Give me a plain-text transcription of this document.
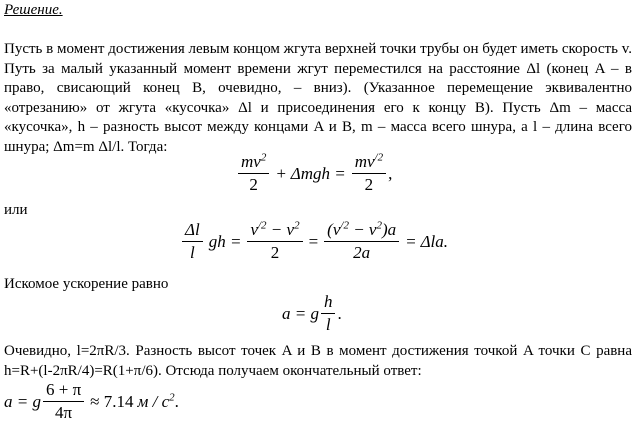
Решение.
Пусть в момент достижения левым концом жгута верхней точки трубы он будет иметь скорость v. Путь за малый указанный момент времени жгут переместился на расстояние Δl (конец A – в право, свисающий конец B, очевидно, – вниз). (Указанное перемещение эквивалентно «отрезанию» от жгута «кусочка» Δl и присоединения его к концу B). Пусть Δm – масса «кусочка», h – разность высот между концами A и B, m – масса всего шнура, а l – длина всего шнура; Δm=m Δl/l. Тогда:
$\frac{mv^2}{2} + \Delta mgh = \frac{mv^{/2}}{2}$ ,
или
$\frac{\Delta l}{l}$ gh = $\frac{v^{/2} - v^2}{2} = \frac{(v^{/2} - v^2)a}{2a} = \Delta la$.
Искомое ускорение равно
a = g $\frac{h}{l}$ .
Очевидно, l=2πR/3. Разность высот точек A и B в момент достижения точкой A точки C равна h=R+(l-2πR/4)=R(1+π/6). Отсюда получаем окончательный ответ:
a = g $\frac{6 + \pi}{4\pi} \approx 7.14$ м / $c^2$ .
